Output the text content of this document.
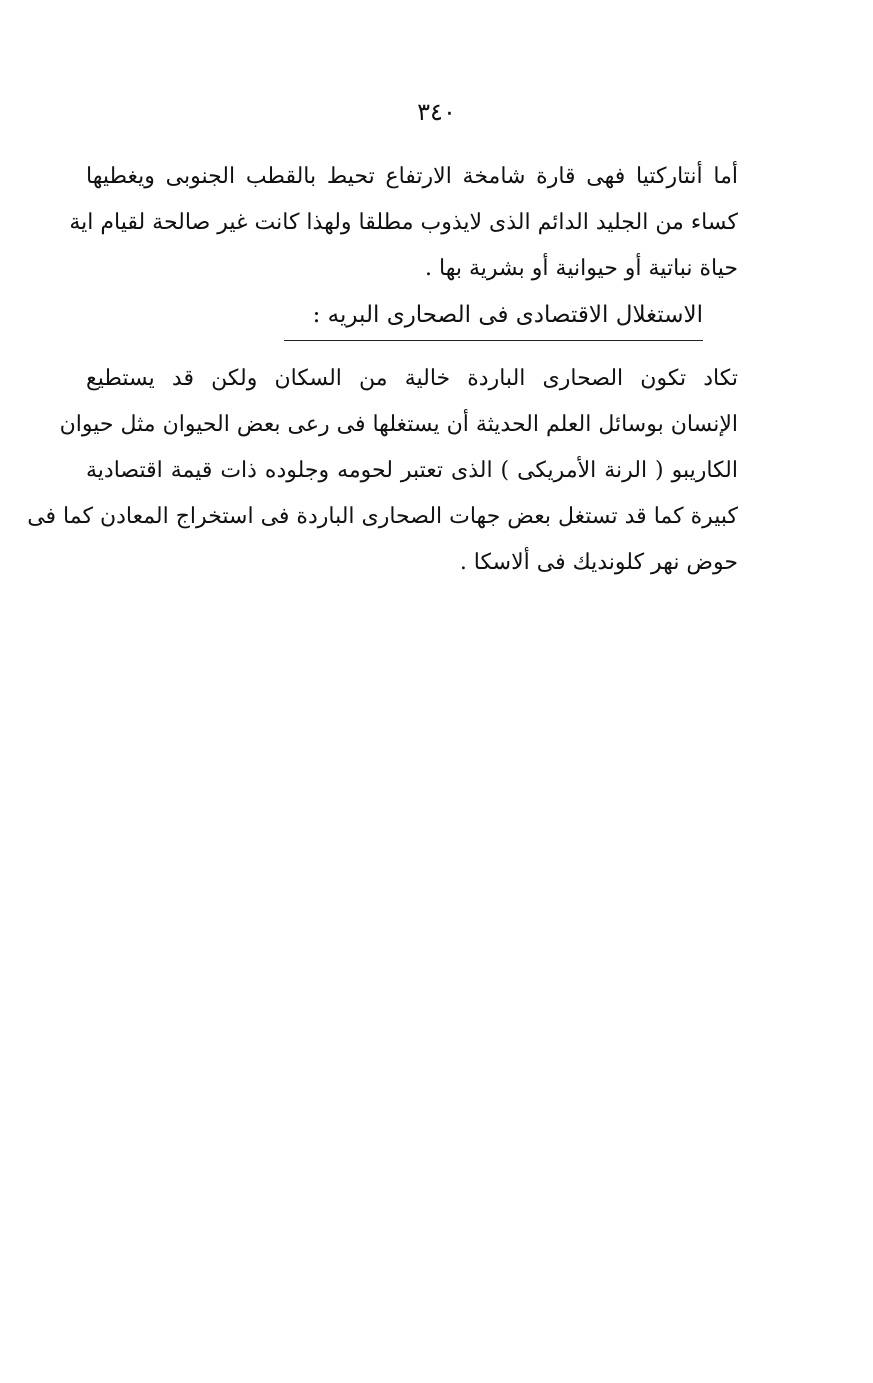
٣٤٠
أما أنتاركتيا فهى قارة شامخة الارتفاع تحيط بالقطب الجنوبى ويغطيها
كساء من الجليد الدائم الذى لايذوب مطلقا ولهذا كانت غير صالحة لقيام اية
حياة نباتية أو حيوانية أو بشرية بها .
الاستغلال الاقتصادى فى الصحارى البريه :
تكاد تكون الصحارى الباردة خالية من السكان ولكن قد يستطيع
الإنسان بوسائل العلم الحديثة أن يستغلها فى رعى بعض الحيوان مثل حيوان
الكاريبو ( الرنة الأمريكى ) الذى تعتبر لحومه وجلوده ذات قيمة اقتصادية
كبيرة كما قد تستغل بعض جهات الصحارى الباردة فى استخراج المعادن كما فى
حوض نهر كلونديك فى ألاسكا .
